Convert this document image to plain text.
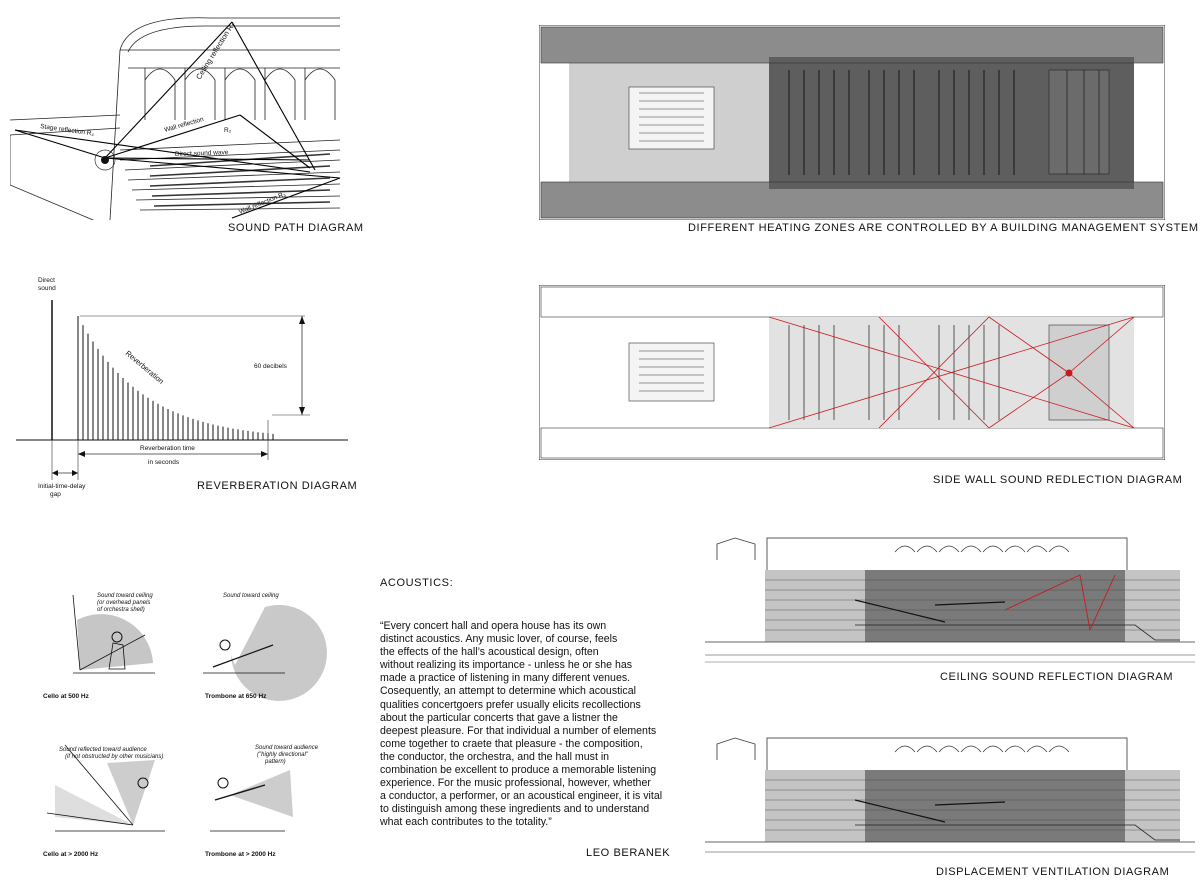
Ceiling reflection R₁
Stage reflection R₄	Wall reflection	R₂
Direct sound wave
Wall reflection R₃
SOUND PATH DIAGRAM
Direct
sound
Reverberation	60 decibels
Reverberation time
in seconds
Initial-time-delay
gap
REVERBERATION DIAGRAM
Sound toward ceiling
(or overhead panels
of orchestra shell)
Cello at 500 Hz
Sound toward ceiling
Trombone at 650 Hz
Sound reflected toward audience
(if not obstructed by other musicians)
Cello at > 2000 Hz
Sound toward audience
("highly directional"
pattern)
Trombone at > 2000 Hz
ACOUSTICS:
“Every concert hall and opera house has its own
distinct acoustics. Any music lover, of course, feels
the effects of the hall’s acoustical design, often
without realizing its importance - unless he or she has
made a practice of listening in many different venues.
Cosequently, an attempt to determine which acoustical
qualities concertgoers prefer usually elicits recollections
about the particular concerts that gave a listner the
deepest pleasure. For that individual a number of elements
come together to craete that pleasure - the composition,
the conductor, the orchestra, and the hall must in
combination be excellent to produce a memorable listening
experience. For the music professional, however, whether
a conductor, a performer, or an acoustical engineer, it is vital
to distinguish among these ingredients and to understand
what each contributes to the totality.”
LEO BERANEK
DIFFERENT HEATING ZONES ARE CONTROLLED BY A BUILDING MANAGEMENT SYSTEM
SIDE WALL SOUND REDLECTION DIAGRAM
CEILING SOUND REFLECTION DIAGRAM
DISPLACEMENT VENTILATION DIAGRAM
